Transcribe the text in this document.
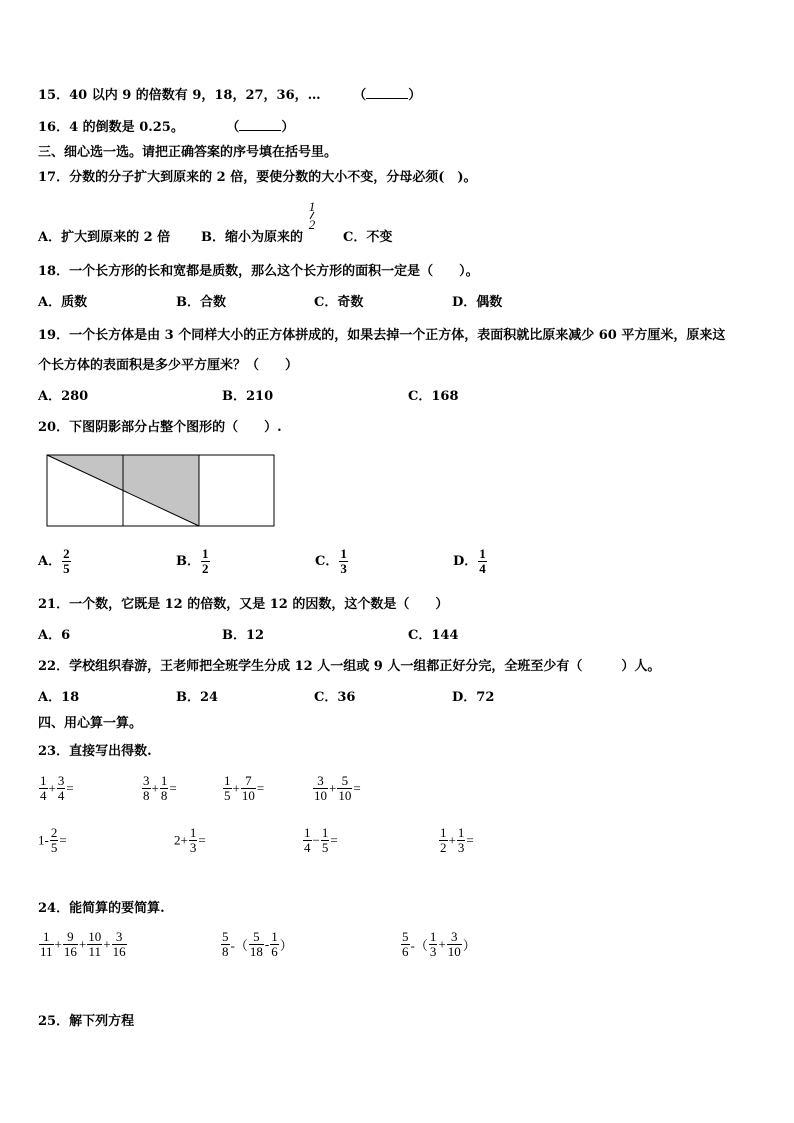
15．40 以内 9 的倍数有 9，18，27，36，…	（	）
16．4 的倒数是 0.25。	（	）
三、细心选一选。请把正确答案的序号填在括号里。
17．分数的分子扩大到原来的 2 倍，要使分数的大小不变，分母必须(　)。
A．扩大到原来的 2 倍 B．缩小为原来的
1
2
C．不变
18．一个长方形的长和宽都是质数，那么这个长方形的面积一定是（　　）。
A．质数	B．合数	C．奇数	D．偶数
19．一个长方体是由 3 个同样大小的正方体拼成的，如果去掉一个正方体，表面积就比原来减少 60 平方厘米，原来这
个长方体的表面积是多少平方厘米？（　　）
A．280	B．210	C．168
20．下图阴影部分占整个图形的（　　）.
A． $\frac{2}{5}$	B． $\frac{1}{2}$	C． $\frac{1}{3}$	D． $\frac{1}{4}$
21．一个数，它既是 12 的倍数，又是 12 的因数，这个数是（　　）
A．6	B．12	C．144
22．学校组织春游，王老师把全班学生分成 12 人一组或 9 人一组都正好分完，全班至少有（　　　）人。
A．18	B．24	C．36	D．72
四、用心算一算。
23．直接写出得数.
$\frac{1}{4} + \frac{3}{4}$ =	$\frac{3}{8} + \frac{1}{8}$ =	$\frac{1}{5} + \frac{7}{10}$ =	$\frac{3}{10} + \frac{5}{10}$ =
$1- \frac{2}{5}$ =	$2+ \frac{1}{3}$ =	$\frac{1}{4} - \frac{1}{5}$ =	$\frac{1}{2} + \frac{1}{3}$ =
24．能简算的要简算.
$\frac{1}{11} + \frac{9}{16} + \frac{10}{11} + \frac{3}{16}$	$\frac{5}{8}$ -（ $\frac{5}{18} - \frac{1}{6}$ ）	$\frac{5}{6}$ -（ $\frac{1}{3} + \frac{3}{10}$ ）
25．解下列方程
